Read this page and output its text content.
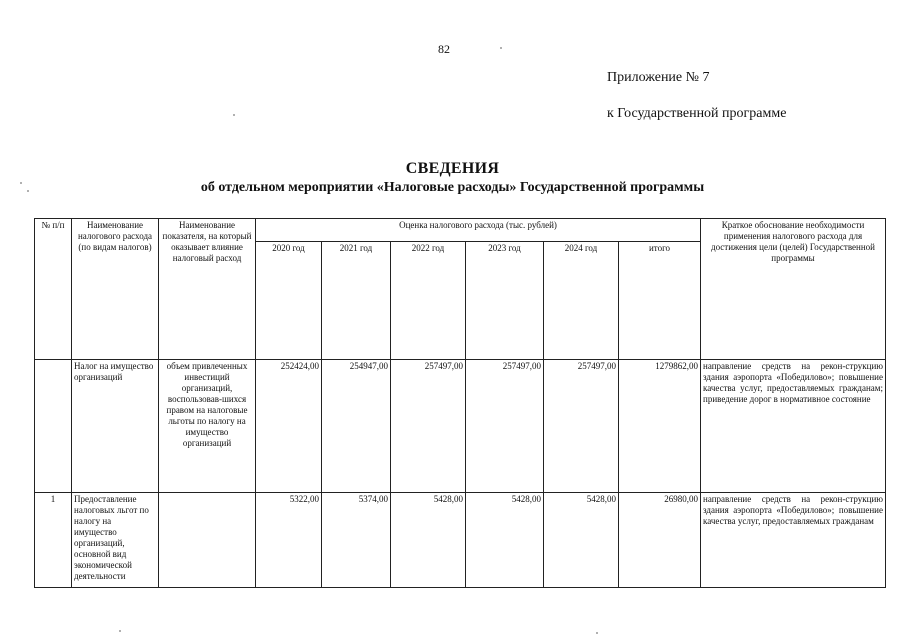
82
Приложение № 7
к Государственной программе
СВЕДЕНИЯ
об отдельном мероприятии «Налоговые расходы» Государственной программы
№ п/п	Наименование налогового расхода (по видам налогов)	Наименование показателя, на который оказывает влияние налоговый расход	Оценка налогового расхода (тыс. рублей)						Краткое обоснование необходимости применения налогового расхода для достижения цели (целей) Государственной программы
			2020 год	2021 год	2022 год	2023 год	2024 год	итого	
	Налог на имущество организаций	объем привлеченных инвестиций организаций, воспользовав-шихся правом на налоговые льготы по налогу на имущество организаций	252424,00	254947,00	257497,00	257497,00	257497,00	1279862,00	направление средств на рекон-струкцию здания аэропорта «Победилово»; повышение качества услуг, предоставляемых гражданам; приведение дорог в нормативное состояние
1	Предоставление налоговых льгот по налогу на имущество организаций, основной вид экономической деятельности		5322,00	5374,00	5428,00	5428,00	5428,00	26980,00	направление средств на рекон-струкцию здания аэропорта «Победилово»; повышение качества услуг, предоставляемых гражданам
